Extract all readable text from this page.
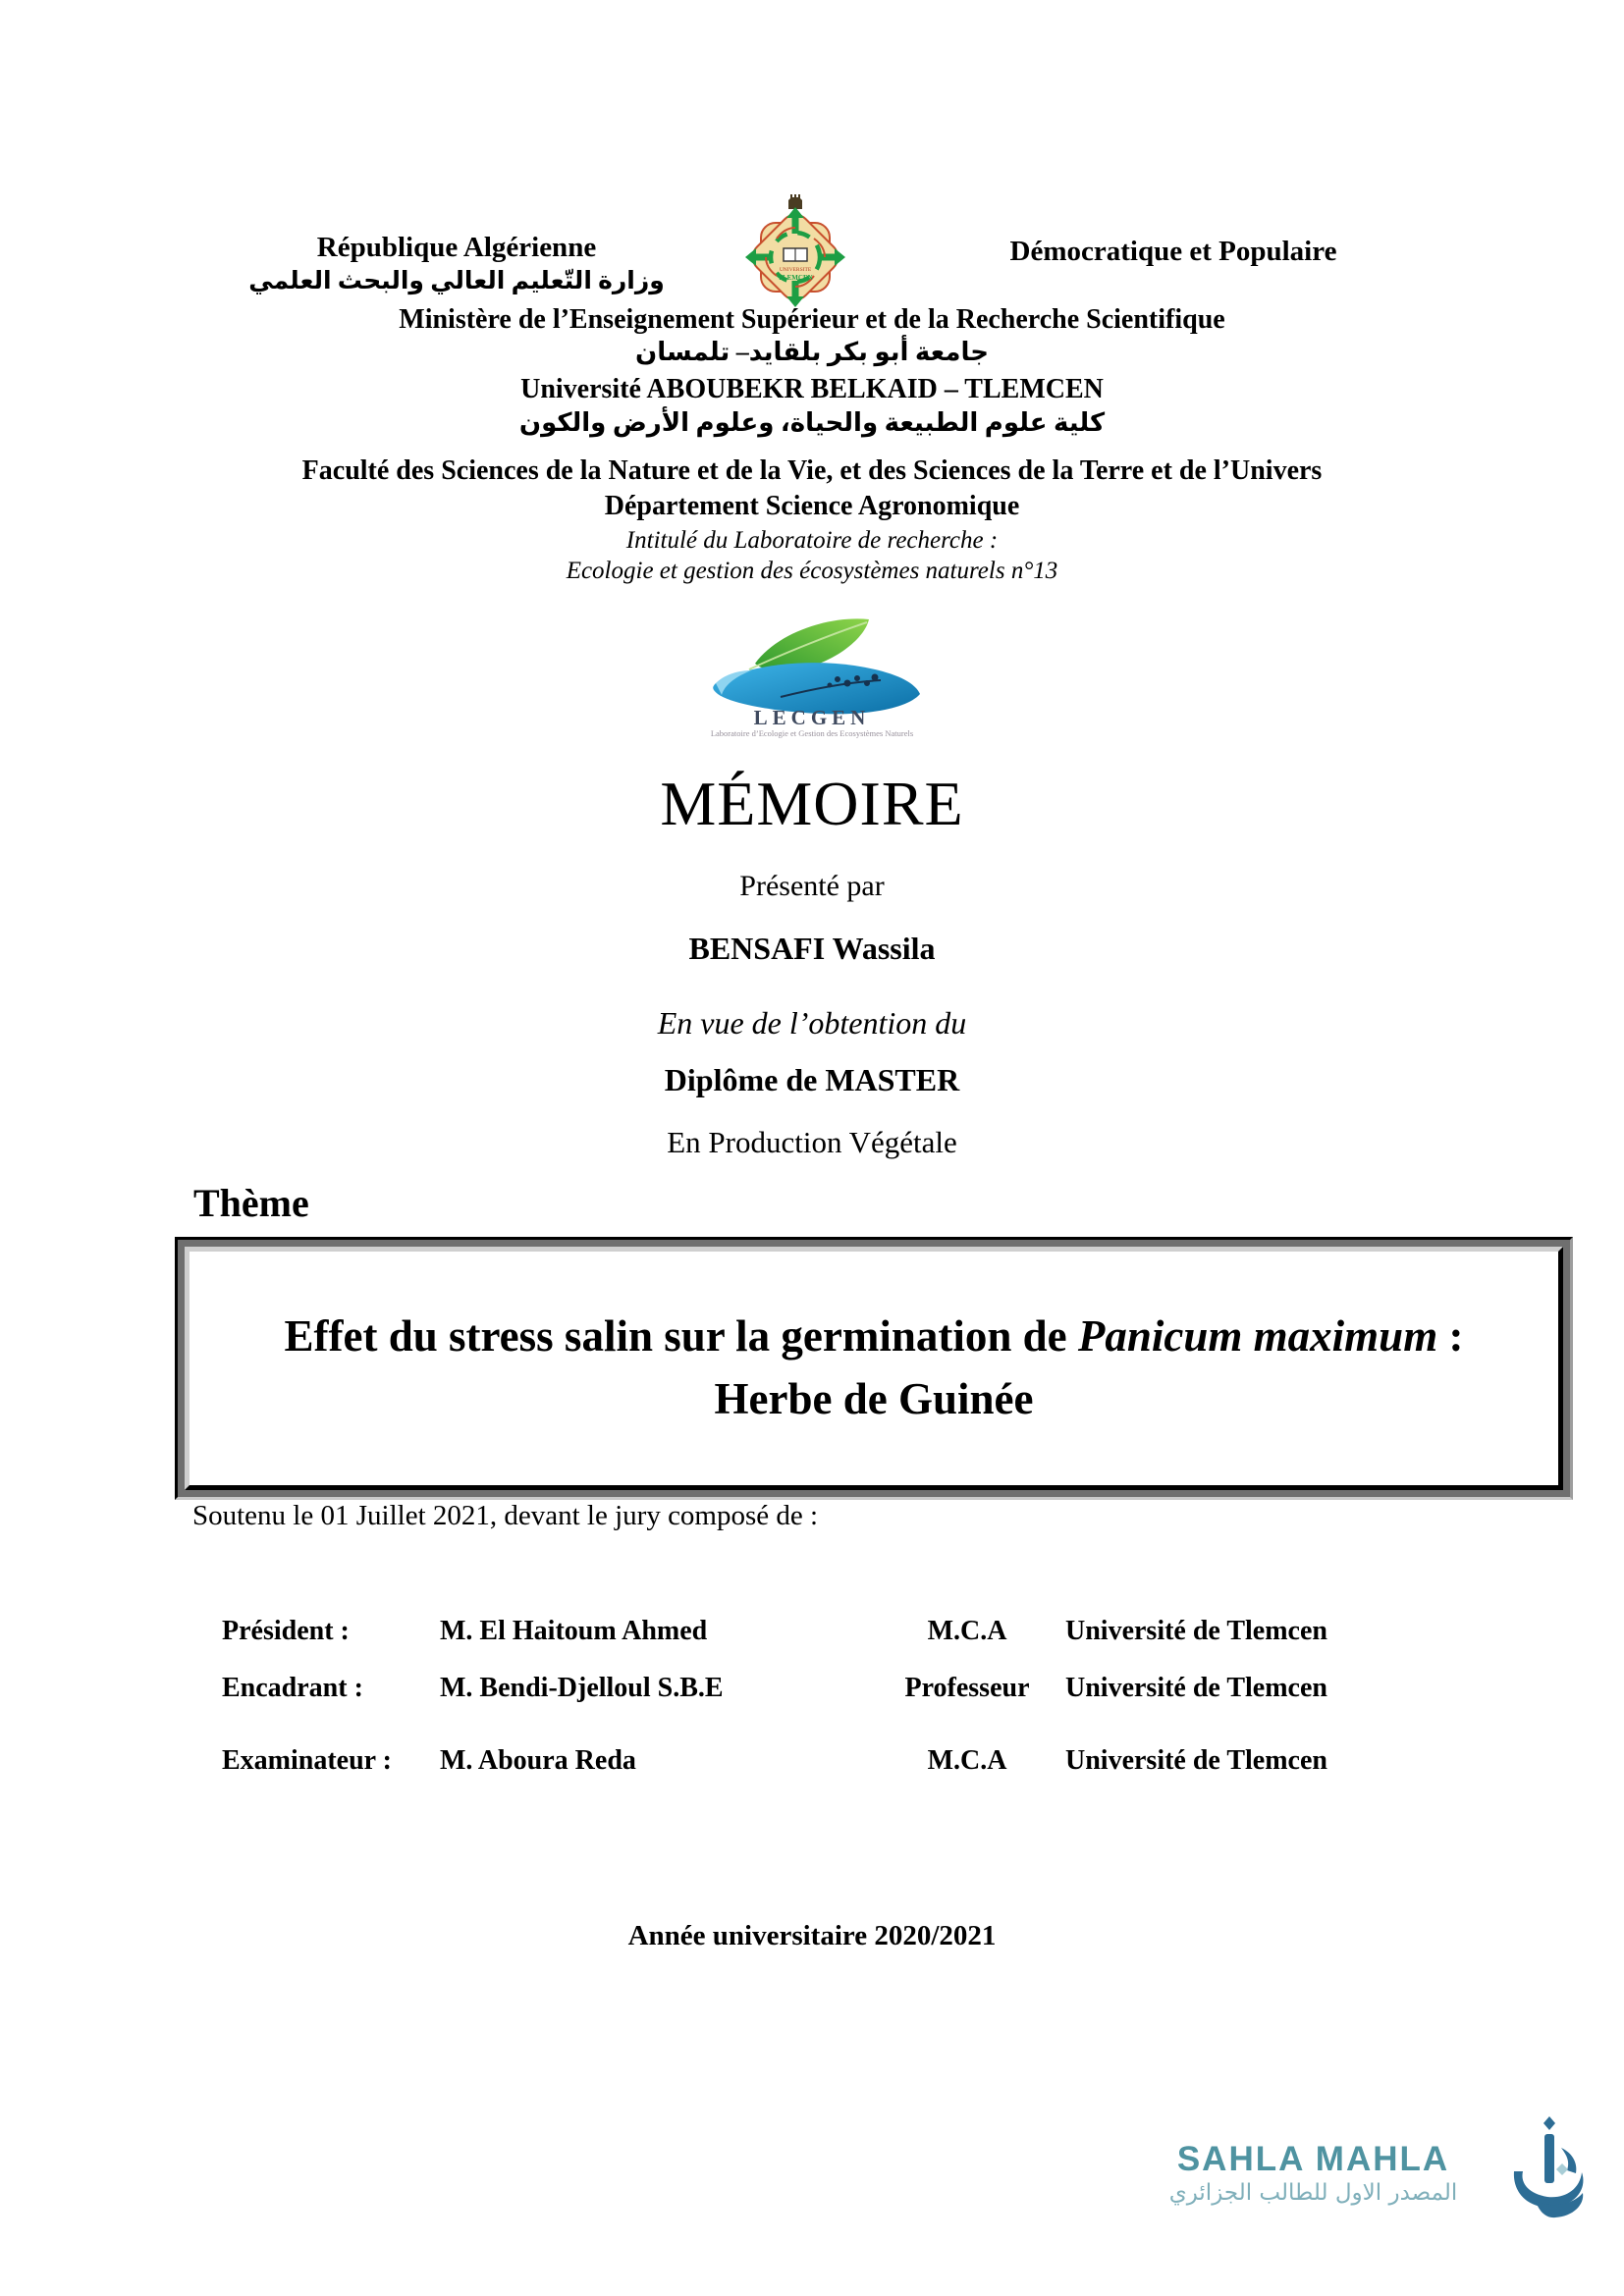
République Algérienne
وزارة التّعليم العالي والبحث العلمي	UNIVERSITE
TLEMCEN
Démocratique et Populaire
Ministère de l’Enseignement Supérieur et de la Recherche Scientifique
جامعة أبو بكر بلقايد– تلمسان
Université ABOUBEKR BELKAID – TLEMCEN
كلية علوم الطبيعة والحياة، وعلوم الأرض والكون
Faculté des Sciences de la Nature et de la Vie, et des Sciences de la Terre et de l’Univers
Département Science Agronomique
Intitulé du Laboratoire de recherche :
Ecologie et gestion des écosystèmes naturels n°13
LECGEN
Laboratoire d’Ecologie et Gestion des Ecosystèmes Naturels
MÉMOIRE
Présenté par
BENSAFI Wassila
En vue de l’obtention du
Diplôme de MASTER
En Production Végétale
Thème
Effet du stress salin sur la germination de Panicum maximum :
Herbe de Guinée
Soutenu le 01 Juillet 2021, devant le jury composé de :
Président :	M. El Haitoum Ahmed	M.C.A	Université de Tlemcen
Encadrant :	M. Bendi-Djelloul S.B.E	Professeur	Université de Tlemcen
Examinateur :	M. Aboura Reda	M.C.A	Université de Tlemcen
Année universitaire 2020/2021
SAHLA MAHLA
المصدر الاول للطالب الجزائري
